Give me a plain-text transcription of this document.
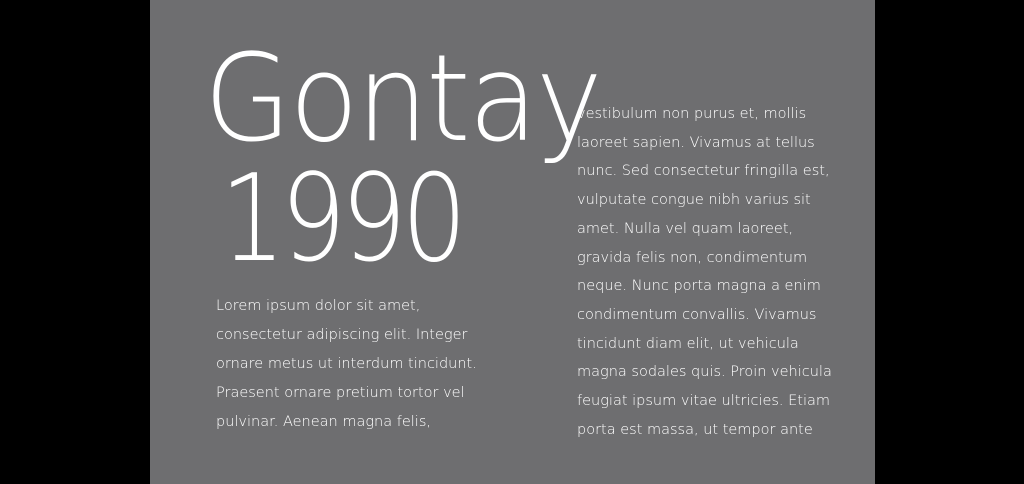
Gontay
1990

Lorem ipsum dolor sit amet,
consectetur adipiscing elit. Integer
ornare metus ut interdum tincidunt.
Praesent ornare pretium tortor vel
pulvinar. Aenean magna felis,

vestibulum non purus et, mollis
laoreet sapien. Vivamus at tellus
nunc. Sed consectetur fringilla est,
vulputate congue nibh varius sit
amet. Nulla vel quam laoreet,
gravida felis non, condimentum
neque. Nunc porta magna a enim
condimentum convallis. Vivamus
tincidunt diam elit, ut vehicula
magna sodales quis. Proin vehicula
feugiat ipsum vitae ultricies. Etiam
porta est massa, ut tempor ante
